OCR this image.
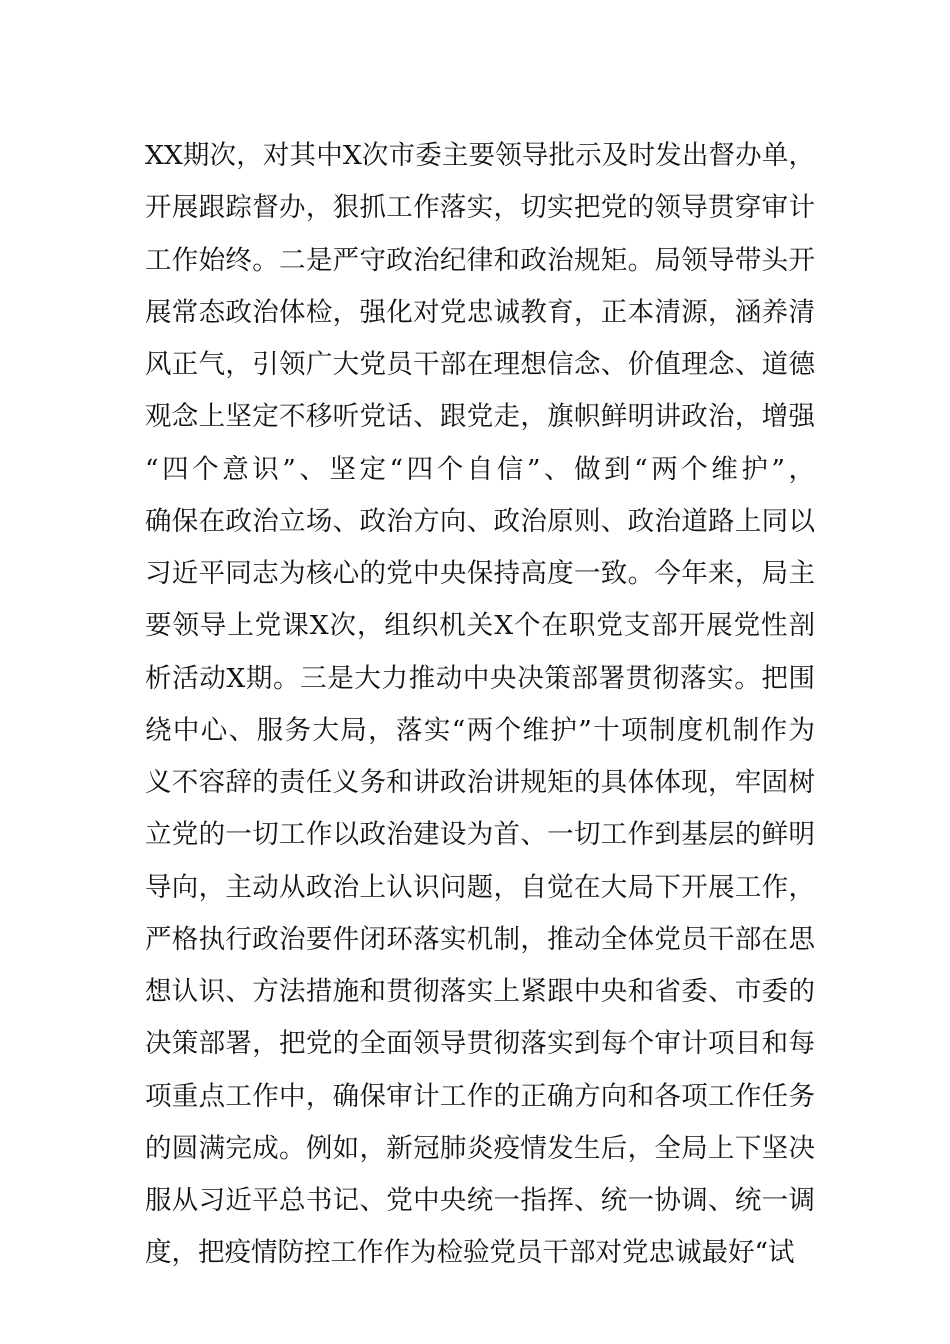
XX期次，对其中X次市委主要领导批示及时发出督办单，
开展跟踪督办，狠抓工作落实，切实把党的领导贯穿审计
工作始终。二是严守政治纪律和政治规矩。局领导带头开
展常态政治体检，强化对党忠诚教育，正本清源，涵养清
风正气，引领广大党员干部在理想信念、价值理念、道德
观念上坚定不移听党话、跟党走，旗帜鲜明讲政治，增强
“四个意识”、坚定“四个自信”、做到“两个维护”，
确保在政治立场、政治方向、政治原则、政治道路上同以
习近平同志为核心的党中央保持高度一致。今年来，局主
要领导上党课X次，组织机关X个在职党支部开展党性剖
析活动X期。三是大力推动中央决策部署贯彻落实。把围
绕中心、服务大局，落实“两个维护”十项制度机制作为
义不容辞的责任义务和讲政治讲规矩的具体体现，牢固树
立党的一切工作以政治建设为首、一切工作到基层的鲜明
导向，主动从政治上认识问题，自觉在大局下开展工作，
严格执行政治要件闭环落实机制，推动全体党员干部在思
想认识、方法措施和贯彻落实上紧跟中央和省委、市委的
决策部署，把党的全面领导贯彻落实到每个审计项目和每
项重点工作中，确保审计工作的正确方向和各项工作任务
的圆满完成。例如，新冠肺炎疫情发生后，全局上下坚决
服从习近平总书记、党中央统一指挥、统一协调、统一调
度，把疫情防控工作作为检验党员干部对党忠诚最好“试
